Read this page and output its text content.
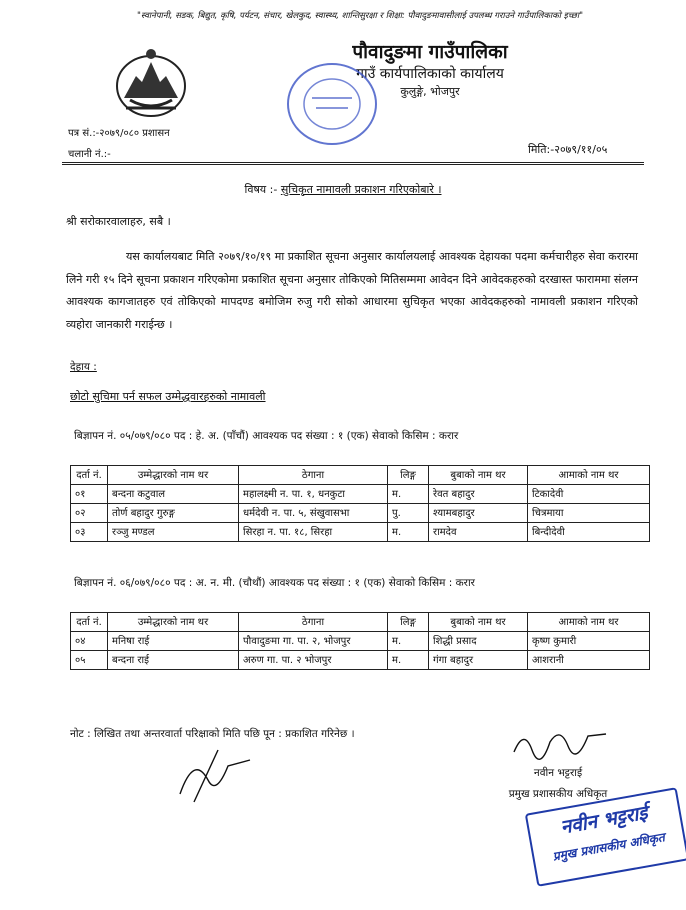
"स्वानेपानी, सडक, बिद्युत, कृषि, पर्यटन, संचार, खेलकुद, स्वास्थ्य, शान्तिसुरक्षा र शिक्षा: पौवादुङमावासीलाई उपलब्ध गराउने गाउँपालिकाको इच्छा"
पौवादुङमा गाउँपालिका
गाउँ कार्यपालिकाको कार्यालय
कुलुङ्गे, भोजपुर
पत्र सं.:-२०७९/०८० प्रशासन
चलानी नं.:-	मिति:-२०७९/११/०५
विषय :- सुचिकृत नामावली प्रकाशन गरिएकोबारे ।
श्री सरोकारवालाहरु, सबै ।
यस कार्यालयबाट मिति २०७९/१०/१९ मा प्रकाशित सूचना अनुसार कार्यालयलाई आवश्यक देहायका पदमा कर्मचारीहरु सेवा करारमा लिने गरी १५ दिने सूचना प्रकाशन गरिएकोमा प्रकाशित सूचना अनुसार तोकिएको मितिसम्ममा आवेदन दिने आवेदकहरुको दरखास्त फाराममा संलग्न आवश्यक कागजातहरु एवं तोकिएको मापदण्ड बमोजिम रुजु गरी सोको आधारमा सुचिकृत भएका आवेदकहरुको नामावली प्रकाशन गरिएको व्यहोरा जानकारी गराईन्छ ।
देहाय :
छोटो सुचिमा पर्न सफल उम्मेद्धवारहरुको नामावली
बिज्ञापन नं. ०५/०७९/०८० पद : हे. अ. (पाँचौं) आवश्यक पद संख्या : १ (एक) सेवाको किसिम : करार
दर्ता नं.	उम्मेद्धारको नाम थर	ठेगाना	लिङ्ग	बुबाको नाम थर	आमाको नाम थर
०१	बन्दना कटुवाल	महालक्ष्मी न. पा. १, धनकुटा	म.	रेवत बहादुर	टिकादेवी
०२	तोर्ण बहादुर गुरुङ्ग	धर्मदेवी न. पा. ५, संखुवासभा	पु.	श्यामबहादुर	चित्रमाया
०३	रञ्जु मण्डल	सिरहा न. पा. १८, सिरहा	म.	रामदेव	बिन्दीदेवी
बिज्ञापन नं. ०६/०७९/०८० पद : अ. न. मी. (चौथौं) आवश्यक पद संख्या : १ (एक) सेवाको किसिम : करार
दर्ता नं.	उम्मेद्धारको नाम थर	ठेगाना	लिङ्ग	बुबाको नाम थर	आमाको नाम थर
०४	मनिषा राई	पौवादुङमा गा. पा. २, भोजपुर	म.	शिद्धी प्रसाद	कृष्ण कुमारी
०५	बन्दना राई	अरुण गा. पा. २ भोजपुर	म.	गंगा बहादुर	आशरानी
नोट : लिखित तथा अन्तरवार्ता परिक्षाको मिति पछि पून : प्रकाशित गरिनेछ ।
नवीन भट्टराई
प्रमुख प्रशासकीय अधिकृत
नवीन भट्टराई
प्रमुख प्रशासकीय अधिकृत
